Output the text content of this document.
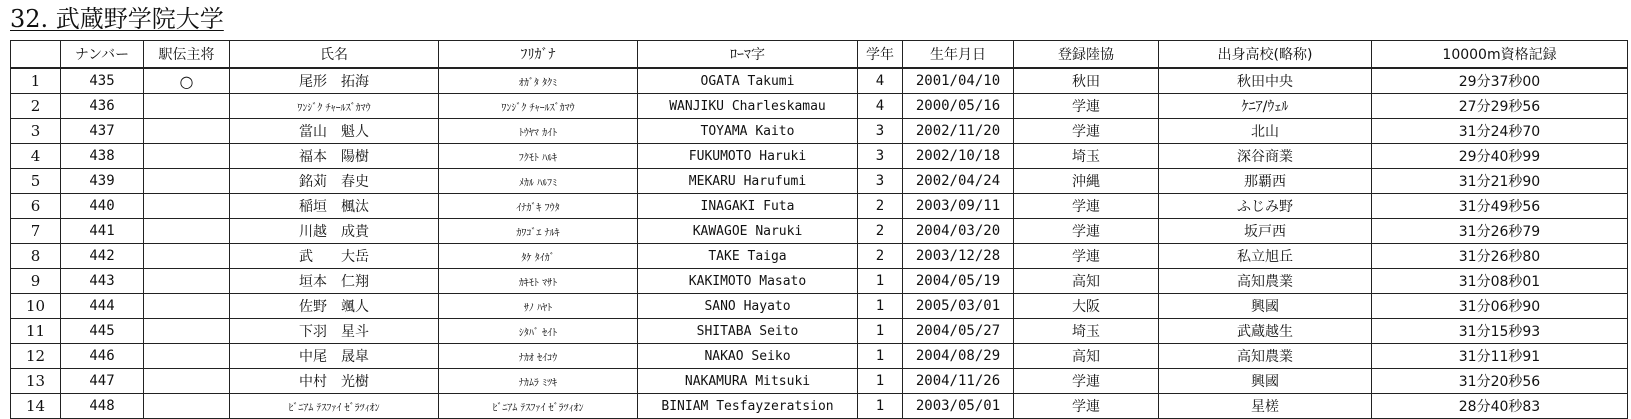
32. 武蔵野学院大学
	ナンバー	駅伝主将	氏名	ﾌﾘｶﾞﾅ	ﾛｰﾏ字	学年	生年月日	登録陸協	出身高校(略称)	10000m資格記録
1	435	○	尾形　拓海	ｵｶﾞﾀ ﾀｸﾐ	OGATA Takumi	4	2001/04/10	秋田	秋田中央	29分37秒00
2	436		ﾜﾝｼﾞｸ ﾁｬｰﾙｽﾞｶﾏｳ	ﾜﾝｼﾞｸ ﾁｬｰﾙｽﾞｶﾏｳ	WANJIKU Charleskamau	4	2000/05/16	学連	ｹﾆｱ/ｳｪﾙ	27分29秒56
3	437		當山　魁人	ﾄｳﾔﾏ ｶｲﾄ	TOYAMA Kaito	3	2002/11/20	学連	北山	31分24秒70
4	438		福本　陽樹	ﾌｸﾓﾄ ﾊﾙｷ	FUKUMOTO Haruki	3	2002/10/18	埼玉	深谷商業	29分40秒99
5	439		銘苅　春史	ﾒｶﾙ ﾊﾙﾌﾐ	MEKARU Harufumi	3	2002/04/24	沖縄	那覇西	31分21秒90
6	440		稲垣　楓汰	ｲﾅｶﾞｷ ﾌｳﾀ	INAGAKI Futa	2	2003/09/11	学連	ふじみ野	31分49秒56
7	441		川越　成貴	ｶﾜｺﾞｴ ﾅﾙｷ	KAWAGOE Naruki	2	2004/03/20	学連	坂戸西	31分26秒79
8	442		武　　大岳	ﾀｹ ﾀｲｶﾞ	TAKE Taiga	2	2003/12/28	学連	私立旭丘	31分26秒80
9	443		垣本　仁翔	ｶｷﾓﾄ ﾏｻﾄ	KAKIMOTO Masato	1	2004/05/19	高知	高知農業	31分08秒01
10	444		佐野　颯人	ｻﾉ ﾊﾔﾄ	SANO Hayato	1	2005/03/01	大阪	興國	31分06秒90
11	445		下羽　星斗	ｼﾀﾊﾞ ｾｲﾄ	SHITABA Seito	1	2004/05/27	埼玉	武蔵越生	31分15秒93
12	446		中尾　晟皐	ﾅｶｵ ｾｲｺｳ	NAKAO Seiko	1	2004/08/29	高知	高知農業	31分11秒91
13	447		中村　光樹	ﾅｶﾑﾗ ﾐﾂｷ	NAKAMURA Mitsuki	1	2004/11/26	学連	興國	31分20秒56
14	448		ﾋﾞﾆｱﾑ ﾃｽﾌｧｲ ｾﾞﾗﾂｨｵﾝ	ﾋﾞﾆｱﾑ ﾃｽﾌｧｲ ｾﾞﾗﾂｨｵﾝ	BINIAM Tesfayzeratsion	1	2003/05/01	学連	星槎	28分40秒83
